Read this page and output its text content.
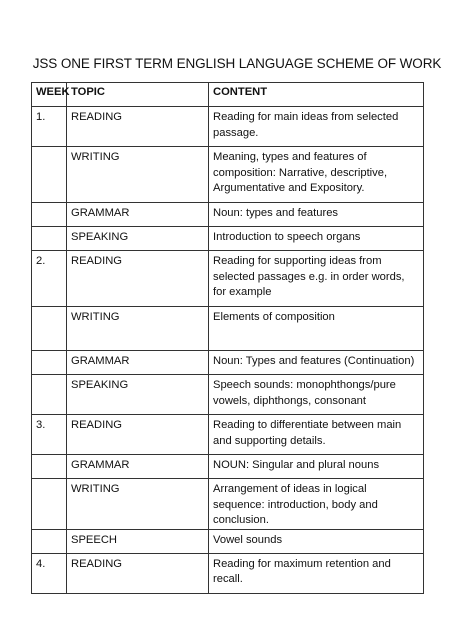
JSS ONE FIRST TERM ENGLISH LANGUAGE SCHEME OF WORK
WEEK	TOPIC	CONTENT
1.	READING	Reading for main ideas from selected passage.
	WRITING	Meaning, types and features of composition: Narrative, descriptive, Argumentative and Expository.
	GRAMMAR	Noun: types and features
	SPEAKING	Introduction to speech organs
2.	READING	Reading for supporting ideas from selected passages e.g. in order words, for example
	WRITING	Elements of composition
	GRAMMAR	Noun: Types and features (Continuation)
	SPEAKING	Speech sounds: monophthongs/pure vowels, diphthongs, consonant
3.	READING	Reading to differentiate between main and supporting details.
	GRAMMAR	NOUN: Singular and plural nouns
	WRITING	Arrangement of ideas in logical sequence: introduction, body and conclusion.
	SPEECH	Vowel sounds
4.	READING	Reading for maximum retention and recall.
